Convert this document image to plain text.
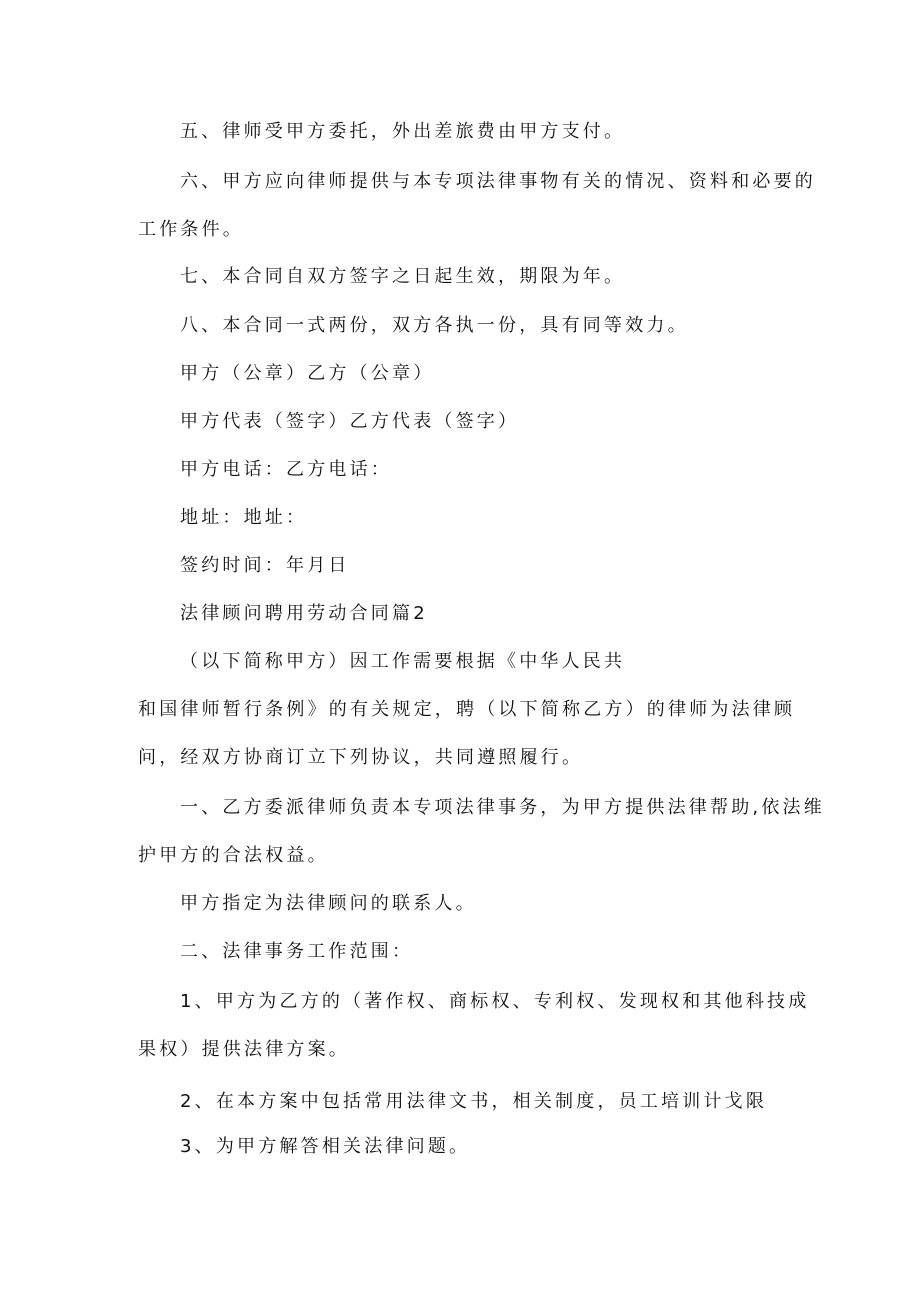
五、律师受甲方委托，外出差旅费由甲方支付。
六、甲方应向律师提供与本专项法律事物有关的情况、资料和必要的
工作条件。
七、本合同自双方签字之日起生效，期限为年。
八、本合同一式两份，双方各执一份，具有同等效力。
甲方（公章）乙方（公章）
甲方代表（签字）乙方代表（签字）
甲方电话：乙方电话：
地址：地址：
签约时间：年月日
法律顾问聘用劳动合同篇2
（以下简称甲方）因工作需要根据《中华人民共
和国律师暂行条例》的有关规定，聘（以下简称乙方）的律师为法律顾
问，经双方协商订立下列协议，共同遵照履行。
一、乙方委派律师负责本专项法律事务，为甲方提供法律帮助,依法维
护甲方的合法权益。
甲方指定为法律顾问的联系人。
二、法律事务工作范围：
1、甲方为乙方的（著作权、商标权、专利权、发现权和其他科技成
果权）提供法律方案。
2、在本方案中包括常用法律文书，相关制度，员工培训计戈限
3、为甲方解答相关法律问题。
